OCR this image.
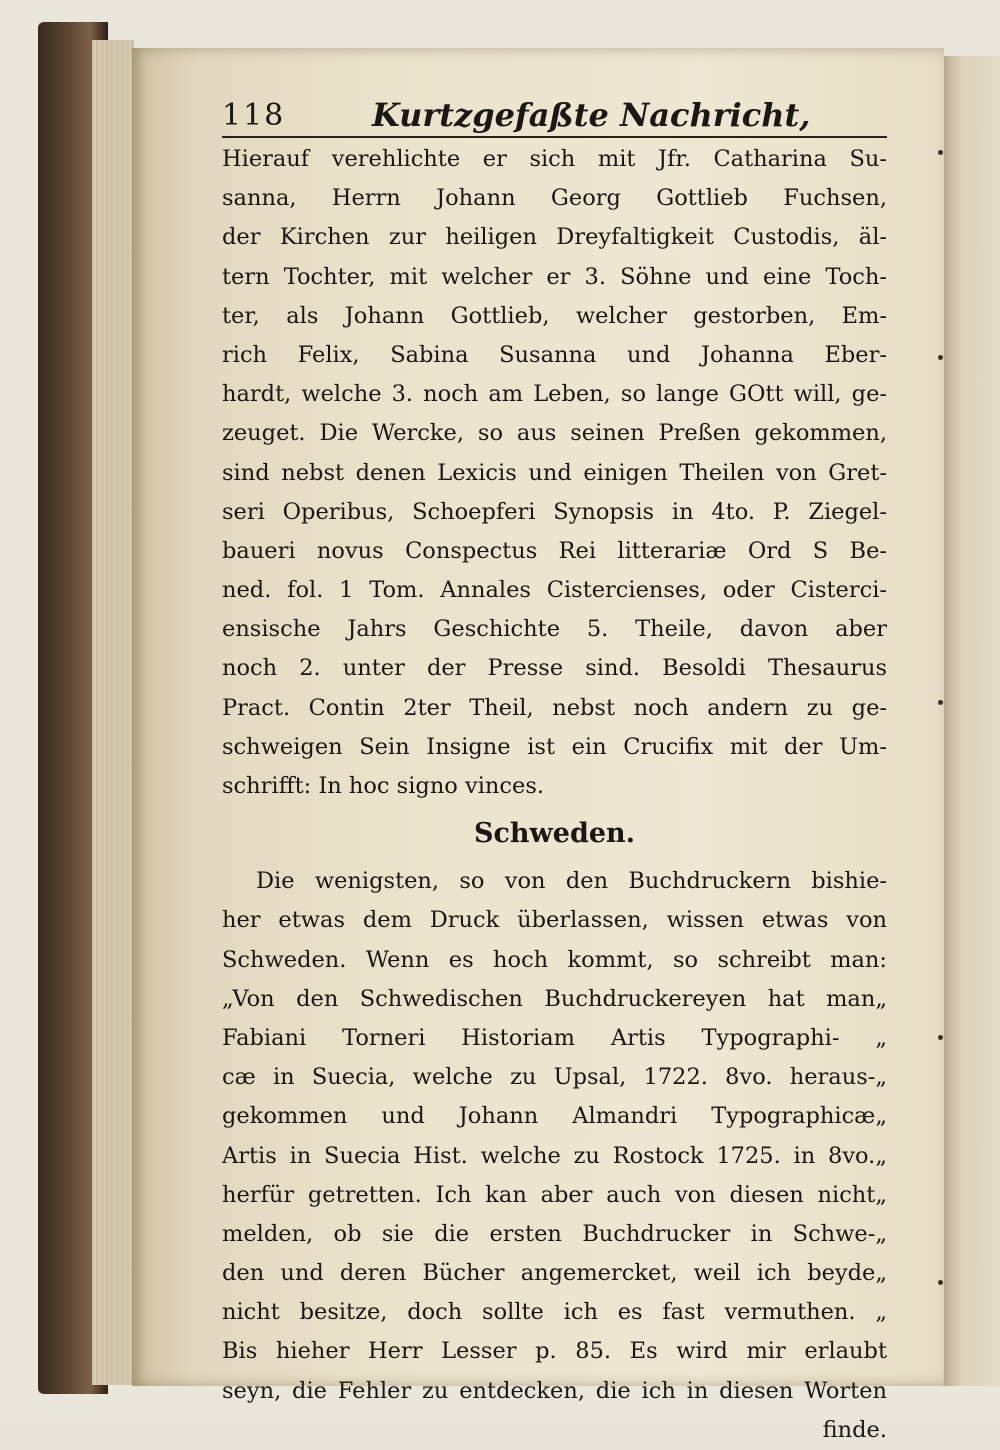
118	Kurtzgefaßte Nachricht,
Hierauf verehlichte er sich mit Jfr. Catharina Su-
sanna, Herrn Johann Georg Gottlieb Fuchsen,
der Kirchen zur heiligen Dreyfaltigkeit Custodis, äl-
tern Tochter, mit welcher er 3. Söhne und eine Toch-
ter, als Johann Gottlieb, welcher gestorben, Em-
rich Felix, Sabina Susanna und Johanna Eber-
hardt, welche 3. noch am Leben, so lange GOtt will, ge-
zeuget. Die Wercke, so aus seinen Preßen gekommen,
sind nebst denen Lexicis und einigen Theilen von Gret-
seri Operibus, Schoepferi Synopsis in 4to. P. Ziegel-
baueri novus Conspectus Rei litterariæ Ord S Be-
ned. fol. 1 Tom. Annales Cistercienses, oder Cisterci-
ensische Jahrs Geschichte 5. Theile, davon aber
noch 2. unter der Presse sind. Besoldi Thesaurus
Pract. Contin 2ter Theil, nebst noch andern zu ge-
schweigen Sein Insigne ist ein Crucifix mit der Um-
schrifft: In hoc signo vinces.
Schweden.
Die wenigsten, so von den Buchdruckern bishie-
her etwas dem Druck überlassen, wissen etwas von
Schweden. Wenn es hoch kommt, so schreibt man:
„Von den Schwedischen Buchdruckereyen hat man„
Fabiani Torneri Historiam Artis Typographi- „
cæ in Suecia, welche zu Upsal, 1722. 8vo. heraus-„
gekommen und Johann Almandri Typographicæ„
Artis in Suecia Hist. welche zu Rostock 1725. in 8vo.„
herfür getretten. Ich kan aber auch von diesen nicht„
melden, ob sie die ersten Buchdrucker in Schwe-„
den und deren Bücher angemercket, weil ich beyde„
nicht besitze, doch sollte ich es fast vermuthen. „
Bis hieher Herr Lesser p. 85. Es wird mir erlaubt
seyn, die Fehler zu entdecken, die ich in diesen Worten
finde.
